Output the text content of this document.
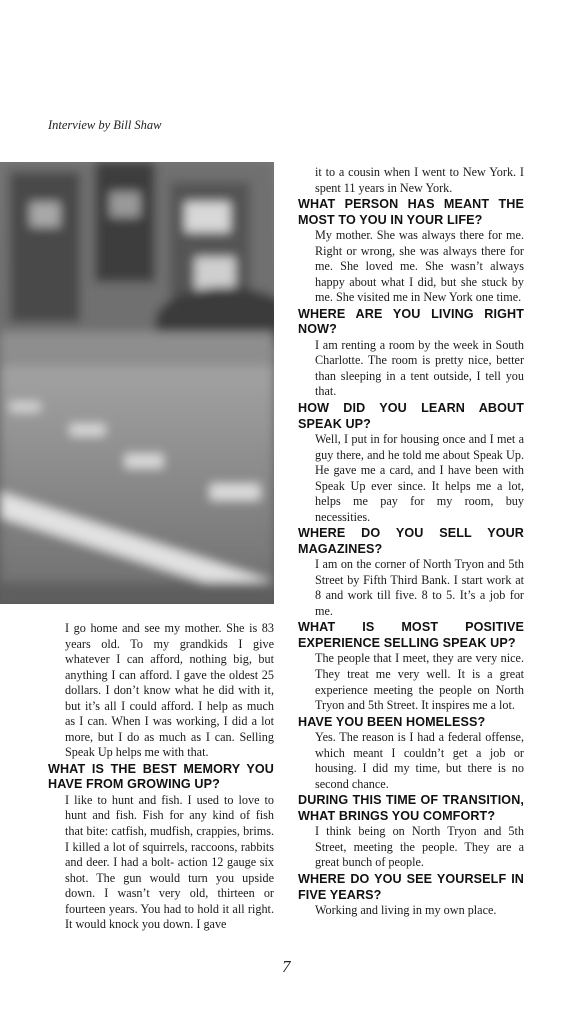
Interview by Bill Shaw
I go home and see my mother. She is 83 years old. To my grandkids I give whatever I can afford, nothing big, but anything I can afford. I gave the oldest 25 dollars. I don’t know what he did with it, but it’s all I could afford. I help as much as I can. When I was working, I did a lot more, but I do as much as I can. Selling Speak Up helps me with that.
WHAT IS THE BEST MEMORY YOU HAVE FROM GROWING UP?
I like to hunt and fish. I used to love to hunt and fish. Fish for any kind of fish that bite: catfish, mudfish, crappies, brims. I killed a lot of squirrels, raccoons, rabbits and deer. I had a bolt- action 12 gauge six shot. The gun would turn you upside down. I wasn’t very old, thirteen or fourteen years. You had to hold it all right. It would knock you down. I gave
it to a cousin when I went to New York. I spent 11 years in New York.
WHAT PERSON HAS MEANT THE MOST TO YOU IN YOUR LIFE?
My mother. She was always there for me. Right or wrong, she was always there for me. She loved me. She wasn’t always happy about what I did, but she stuck by me. She visited me in New York one time.
WHERE ARE YOU LIVING RIGHT NOW?
I am renting a room by the week in South Charlotte. The room is pretty nice, better than sleeping in a tent outside, I tell you that.
HOW DID YOU LEARN ABOUT SPEAK UP?
Well, I put in for housing once and I met a guy there, and he told me about Speak Up. He gave me a card, and I have been with Speak Up ever since. It helps me a lot, helps me pay for my room, buy necessities.
WHERE DO YOU SELL YOUR MAGAZINES?
I am on the corner of North Tryon and 5th Street by Fifth Third Bank. I start work at 8 and work till five. 8 to 5. It’s a job for me.
WHAT IS MOST POSITIVE EXPERIENCE SELLING SPEAK UP?
The people that I meet, they are very nice. They treat me very well. It is a great experience meeting the people on North Tryon and 5th Street. It inspires me a lot.
HAVE YOU BEEN HOMELESS?
Yes. The reason is I had a federal offense, which meant I couldn’t get a job or housing. I did my time, but there is no second chance.
DURING THIS TIME OF TRANSITION, WHAT BRINGS YOU COMFORT?
I think being on North Tryon and 5th Street, meeting the people. They are a great bunch of people.
WHERE DO YOU SEE YOURSELF IN FIVE YEARS?
Working and living in my own place.
7
